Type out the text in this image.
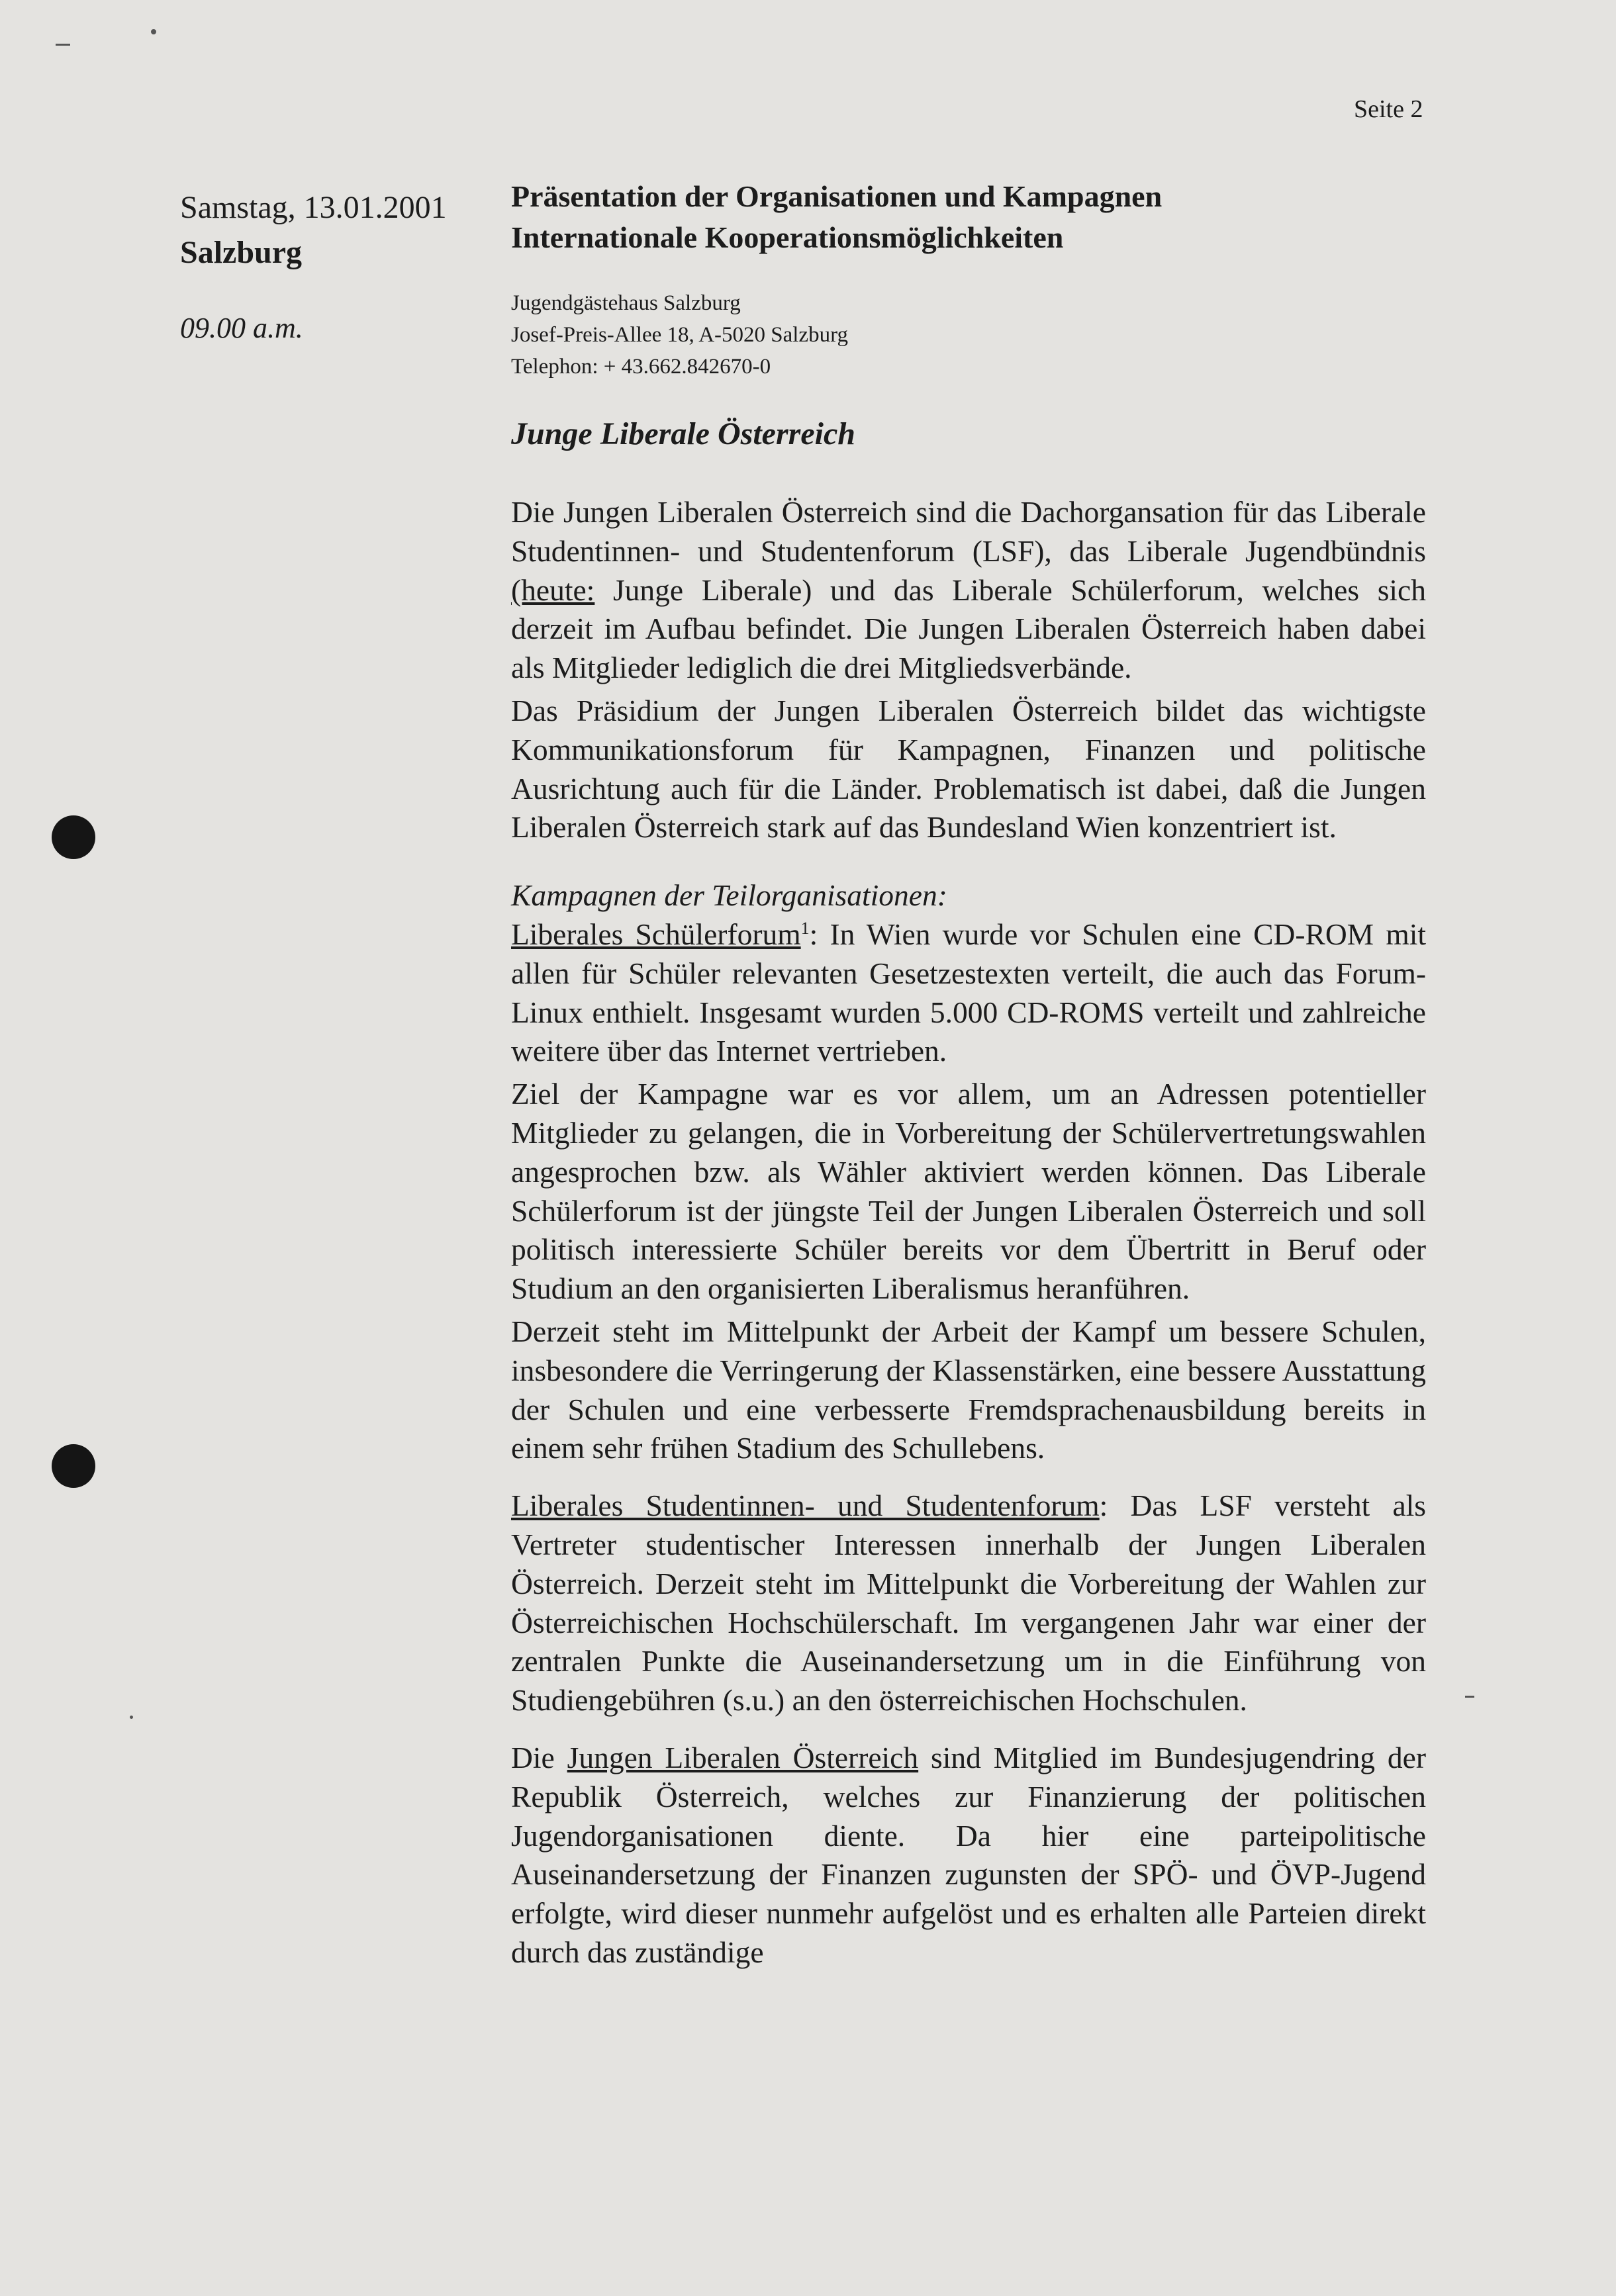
Seite 2
Samstag, 13.01.2001
Salzburg
09.00 a.m.
Präsentation der Organisationen und Kampagnen
Internationale Kooperationsmöglichkeiten
Jugendgästehaus Salzburg
Josef-Preis-Allee 18, A-5020 Salzburg
Telephon: + 43.662.842670-0
Junge Liberale Österreich
Die Jungen Liberalen Österreich sind die Dachorgansation für das Liberale Studentinnen- und Studentenforum (LSF), das Liberale Jugendbündnis (heute: Junge Liberale) und das Liberale Schülerforum, welches sich derzeit im Aufbau befindet. Die Jungen Liberalen Österreich haben dabei als Mitglieder lediglich die drei Mitgliedsverbände.
Das Präsidium der Jungen Liberalen Österreich bildet das wichtigste Kommunikationsforum für Kampagnen, Finanzen und politische Ausrichtung auch für die Länder. Problematisch ist dabei, daß die Jungen Liberalen Österreich stark auf das Bundesland Wien konzentriert ist.
Kampagnen der Teilorganisationen:
Liberales Schülerforum$^1$: In Wien wurde vor Schulen eine CD-ROM mit allen für Schüler relevanten Gesetzestexten verteilt, die auch das Forum-Linux enthielt. Insgesamt wurden 5.000 CD-ROMS verteilt und zahlreiche weitere über das Internet vertrieben.
Ziel der Kampagne war es vor allem, um an Adressen potentieller Mitglieder zu gelangen, die in Vorbereitung der Schülervertretungswahlen angesprochen bzw. als Wähler aktiviert werden können. Das Liberale Schülerforum ist der jüngste Teil der Jungen Liberalen Österreich und soll politisch interessierte Schüler bereits vor dem Übertritt in Beruf oder Studium an den organisierten Liberalismus heranführen.
Derzeit steht im Mittelpunkt der Arbeit der Kampf um bessere Schulen, insbesondere die Verringerung der Klassenstärken, eine bessere Ausstattung der Schulen und eine verbesserte Fremdsprachenausbildung bereits in einem sehr frühen Stadium des Schullebens.
Liberales Studentinnen- und Studentenforum: Das LSF versteht als Vertreter studentischer Interessen innerhalb der Jungen Liberalen Österreich. Derzeit steht im Mittelpunkt die Vorbereitung der Wahlen zur Österreichischen Hochschülerschaft. Im vergangenen Jahr war einer der zentralen Punkte die Auseinandersetzung um in die Einführung von Studiengebühren (s.u.) an den österreichischen Hochschulen.
Die Jungen Liberalen Österreich sind Mitglied im Bundesjugendring der Republik Österreich, welches zur Finanzierung der politischen Jugendorganisationen diente. Da hier eine parteipolitische Auseinandersetzung der Finanzen zugunsten der SPÖ- und ÖVP-Jugend erfolgte, wird dieser nunmehr aufgelöst und es erhalten alle Parteien direkt durch das zuständige
